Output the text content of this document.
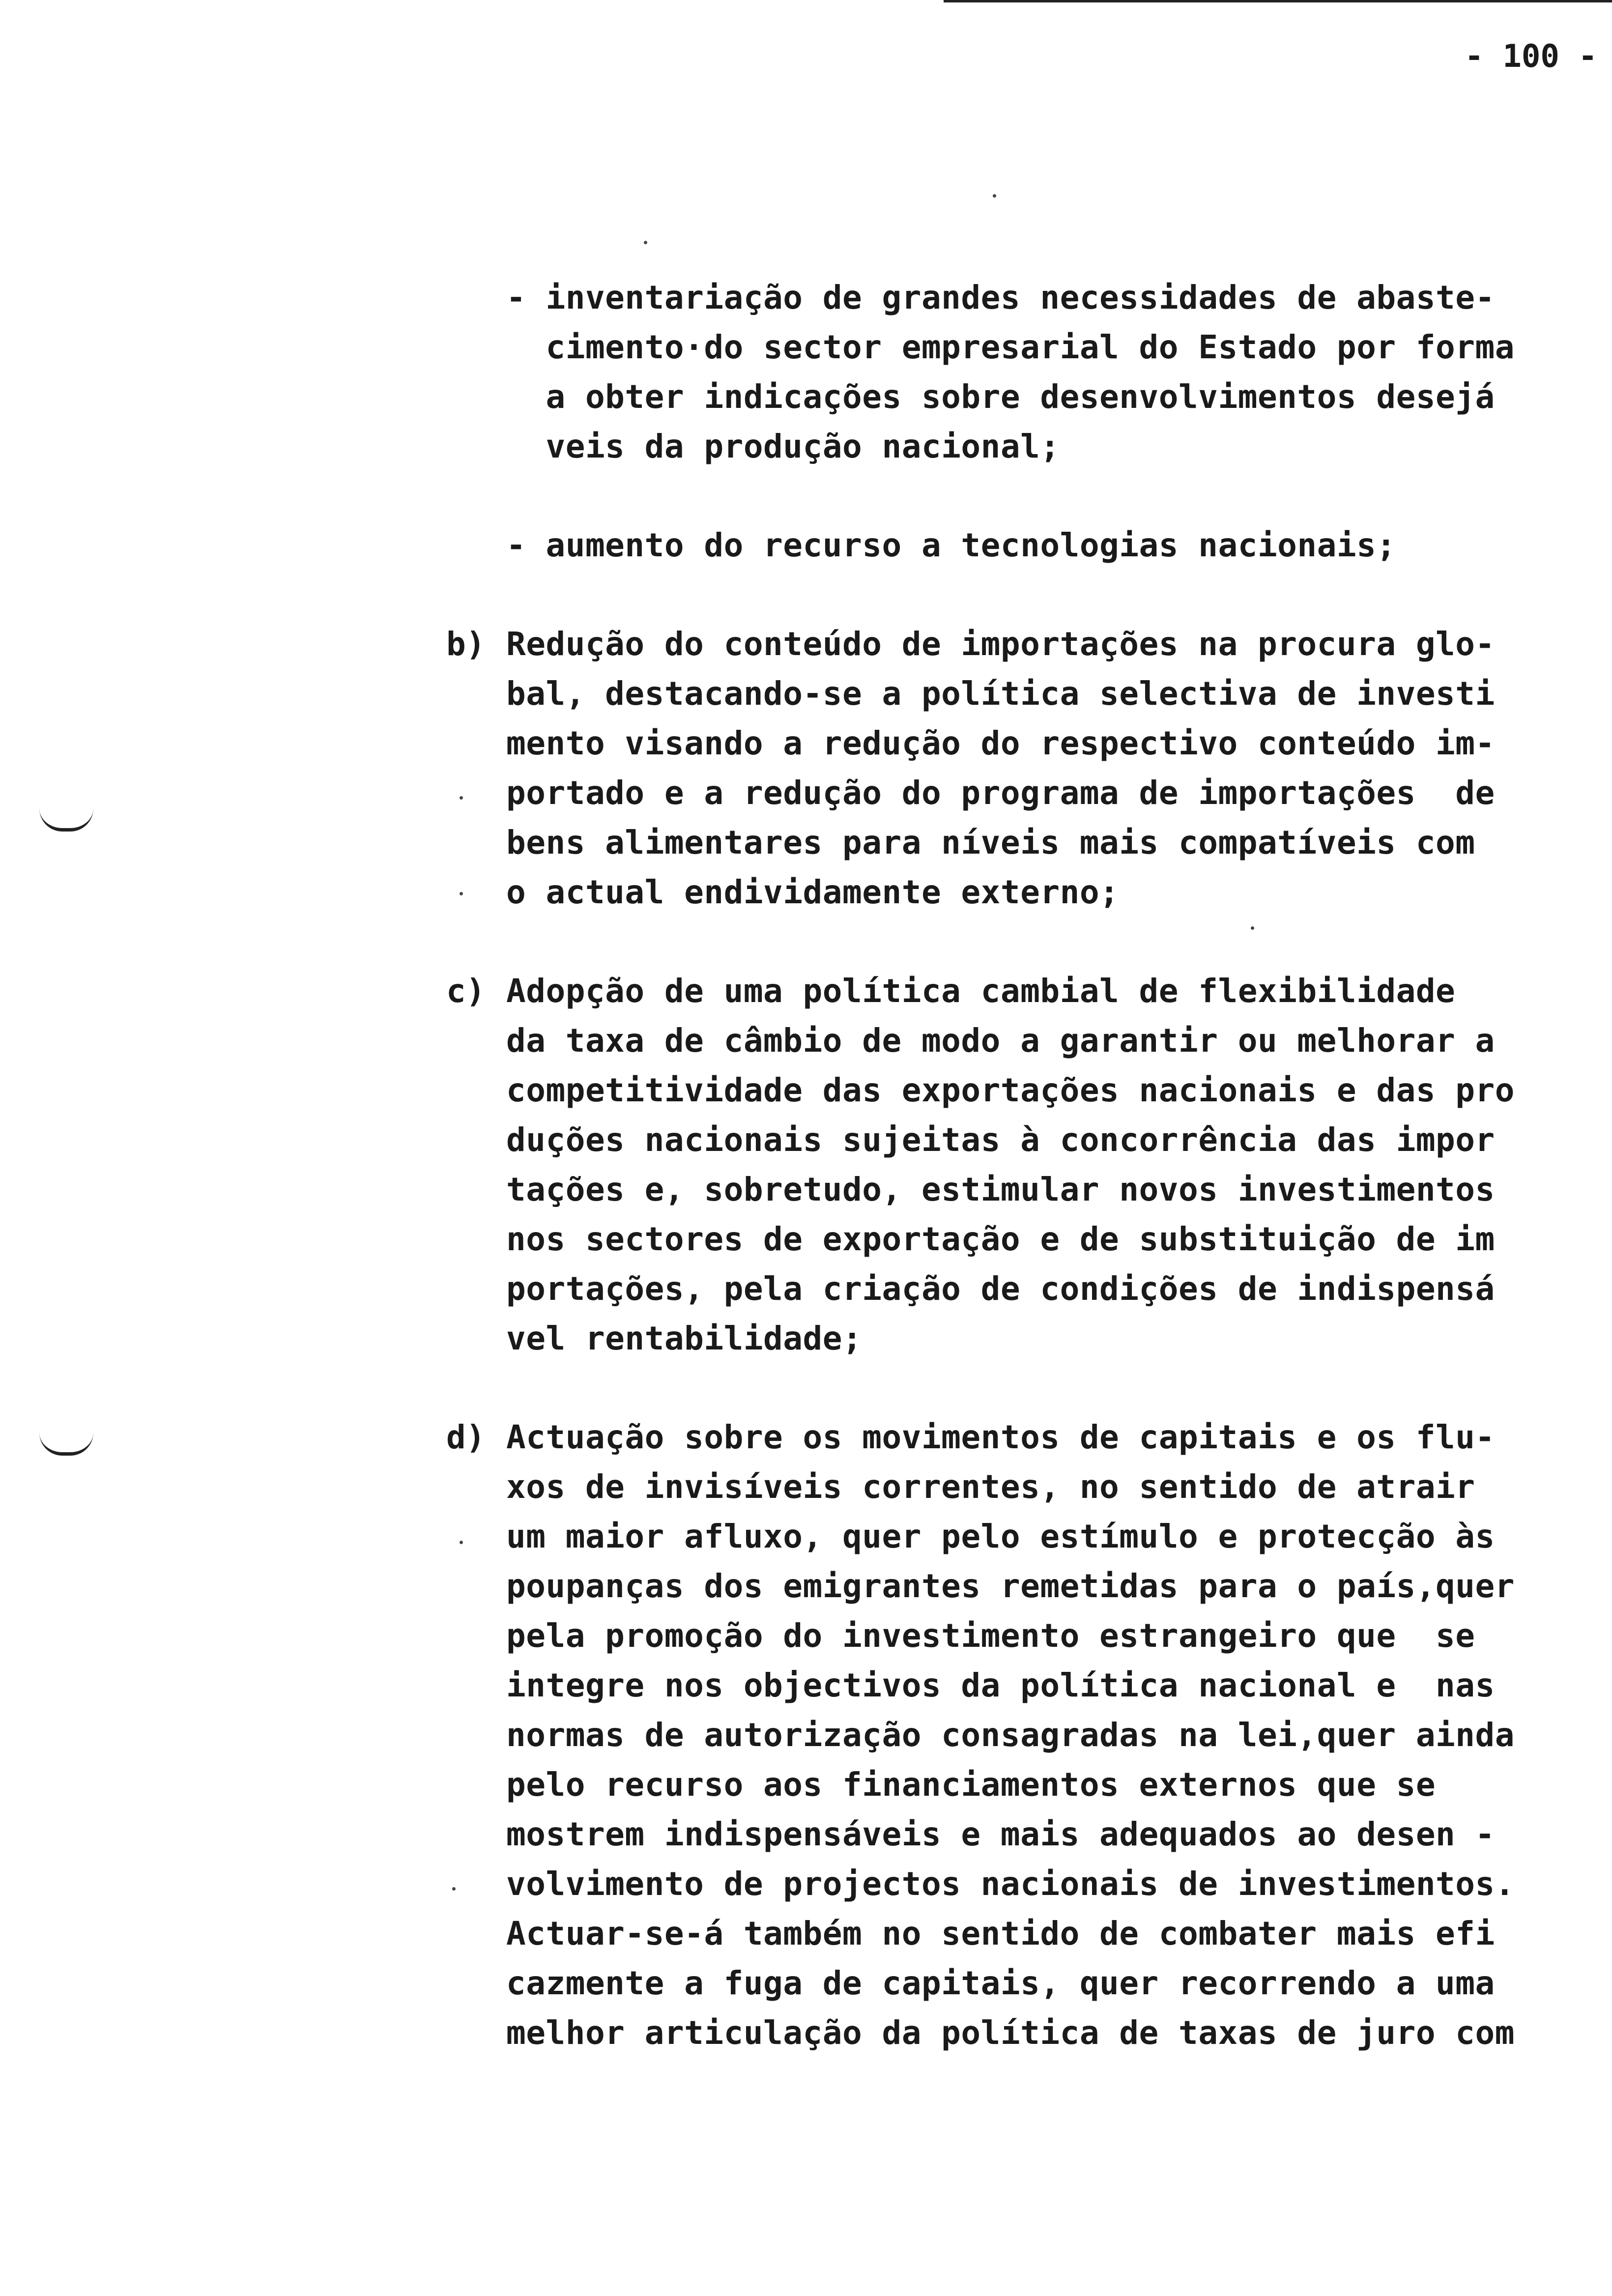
- 100 -
- inventariação de grandes necessidades de abaste-
cimento·do sector empresarial do Estado por forma
a obter indicações sobre desenvolvimentos desejá
veis da produção nacional;
- aumento do recurso a tecnologias nacionais;
b) Redução do conteúdo de importações na procura glo-
bal, destacando-se a política selectiva de investi
mento visando a redução do respectivo conteúdo im-
portado e a redução do programa de importações  de
bens alimentares para níveis mais compatíveis com
o actual endividamente externo;
c) Adopção de uma política cambial de flexibilidade
da taxa de câmbio de modo a garantir ou melhorar a
competitividade das exportações nacionais e das pro
duções nacionais sujeitas à concorrência das impor
tações e, sobretudo, estimular novos investimentos
nos sectores de exportação e de substituição de im
portações, pela criação de condições de indispensá
vel rentabilidade;
d) Actuação sobre os movimentos de capitais e os flu-
xos de invisíveis correntes, no sentido de atrair
um maior afluxo, quer pelo estímulo e protecção às
poupanças dos emigrantes remetidas para o país,quer
pela promoção do investimento estrangeiro que  se
integre nos objectivos da política nacional e  nas
normas de autorização consagradas na lei,quer ainda
pelo recurso aos financiamentos externos que se
mostrem indispensáveis e mais adequados ao desen -
volvimento de projectos nacionais de investimentos.
Actuar-se-á também no sentido de combater mais efi
cazmente a fuga de capitais, quer recorrendo a uma
melhor articulação da política de taxas de juro com
